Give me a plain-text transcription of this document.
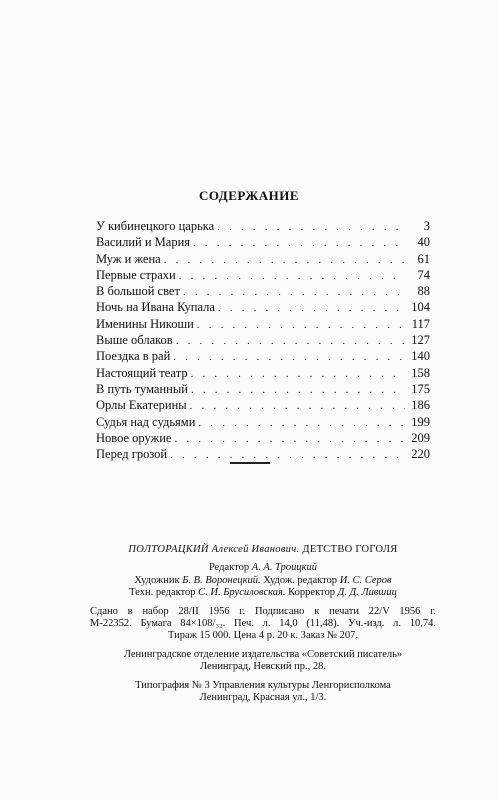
СОДЕРЖАНИЕ
У кибинецкого царька . . .	3
Василий и Мария . . .	40
Муж и жена . . .	61
Первые страхи . . .	74
В большой свет . . .	88
Ночь на Ивана Купала . . .	104
Именины Никоши . . .	117
Выше облаков . . .	127
Поездка в рай . . .	140
Настоящий театр . . .	158
В путь туманный . . .	175
Орлы Екатерины . . .	186
Судья над судьями . . .	199
Новое оружие . . .	209
Перед грозой . . .	220
ПОЛТОРАЦКИЙ Алексей Иванович. ДЕТСТВО ГОГОЛЯ
Редактор А. А. Троицкий
Художник Б. В. Воронецкий. Худож. редактор И. С. Серов
Техн. редактор С. И. Брусиловская. Корректор Д. Д. Лившиц
Сдано в набор 28/II 1956 г. Подписано к печати 22/V 1956 г.
М-22352. Бумага 84×108/₃₂. Печ. л. 14,0 (11,48). Уч.-изд. л. 10,74.
Тираж 15 000. Цена 4 р. 20 к. Заказ № 207.
Ленинградское отделение издательства «Советский писатель»
Ленинград, Невский пр., 28.
Типография № 3 Управления культуры Ленгорисполкома
Ленинград, Красная ул., 1/3.
